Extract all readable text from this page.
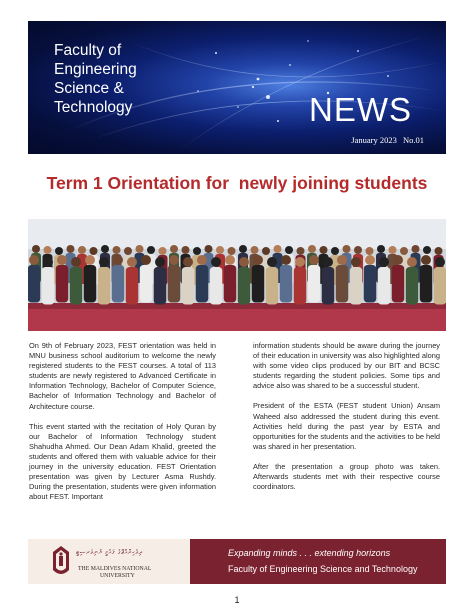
Faculty of
Engineering
Science &
Technology	NEWS
January 2023 No.01
Term 1 Orientation for  newly joining students

On 9th of February 2023, FEST orientation was held in MNU business school auditorium to welcome the newly registered students to the FEST courses. A total of 113 students are newly registered to Advanced Certificate in Information Technology, Bachelor of Computer Science, Bachelor of Information Technology and Bachelor of Architecture course.

This event started with the recitation of Holy Quran by our Bachelor of Information Technology student Shahudha Ahmed. Our Dean Adam Khalid, greeted the students and offered them with valuable advice for their journey in the university education. FEST Orientation presentation was given by Lecturer Asma Rushdy. During the presentation, students were given information about FEST. Important

information students should be aware during the journey of their education in university was also highlighted along with some video clips produced by our BIT and BCSC students regarding the student policies. Some tips and advice also was shared to be a successful student.

President of the ESTA (FEST student Union) Ansam Waheed also addressed the student during this event. Activities held during the past year by ESTA and opportunities for the students and the activities to be held was shared in her presentation.

After the presentation a group photo was taken. Afterwards students met with their respective course coordinators.

ދިވެހިރާއްޖޭގެ ޤައުމީ ޔުނިވަރސިޓީ
THE MALDIVES NATIONAL
UNIVERSITY
Expanding minds . . . extending horizons
Faculty of Engineering Science and Technology
1
